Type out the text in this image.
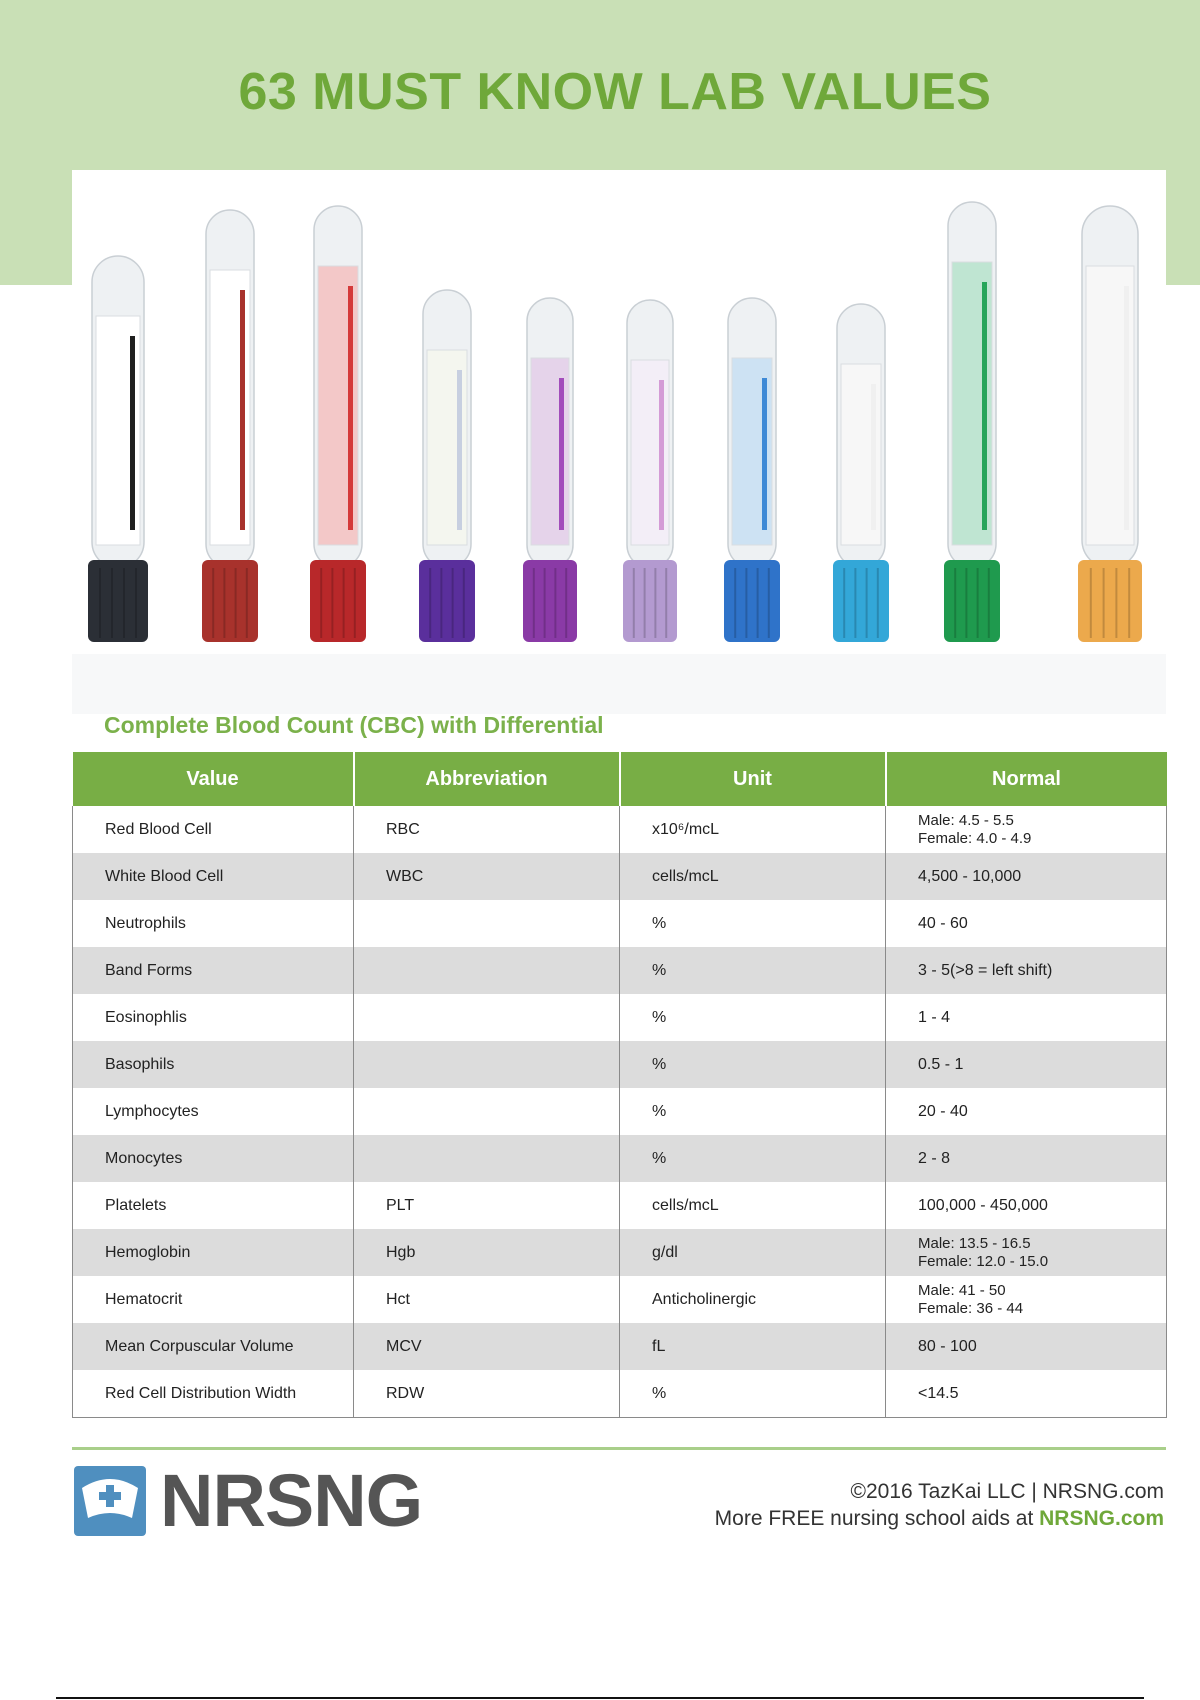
63 MUST KNOW LAB VALUES
Complete Blood Count (CBC) with Differential
Value	Abbreviation	Unit	Normal
Red Blood Cell	RBC	x10⁶/mcL	Male: 4.5 - 5.5
Female: 4.0 - 4.9

White Blood Cell	WBC	cells/mcL	4,500 - 10,000

Neutrophils		%	40 - 60

Band Forms		%	3 - 5(>8 = left shift)

Eosinophlis		%	1 - 4

Basophils		%	0.5 - 1

Lymphocytes		%	20 - 40

Monocytes		%	2 - 8

Platelets	PLT	cells/mcL	100,000 - 450,000

Hemoglobin	Hgb	g/dl	Male: 13.5 - 16.5
Female: 12.0 - 15.0

Hematocrit	Hct	Anticholinergic	Male: 41 - 50
Female: 36 - 44

Mean Corpuscular Volume	MCV	fL	80 - 100

Red Cell Distribution Width	RDW	%	<14.5
NRSNG	©2016 TazKai LLC | NRSNG.com
More FREE nursing school aids at NRSNG.com
